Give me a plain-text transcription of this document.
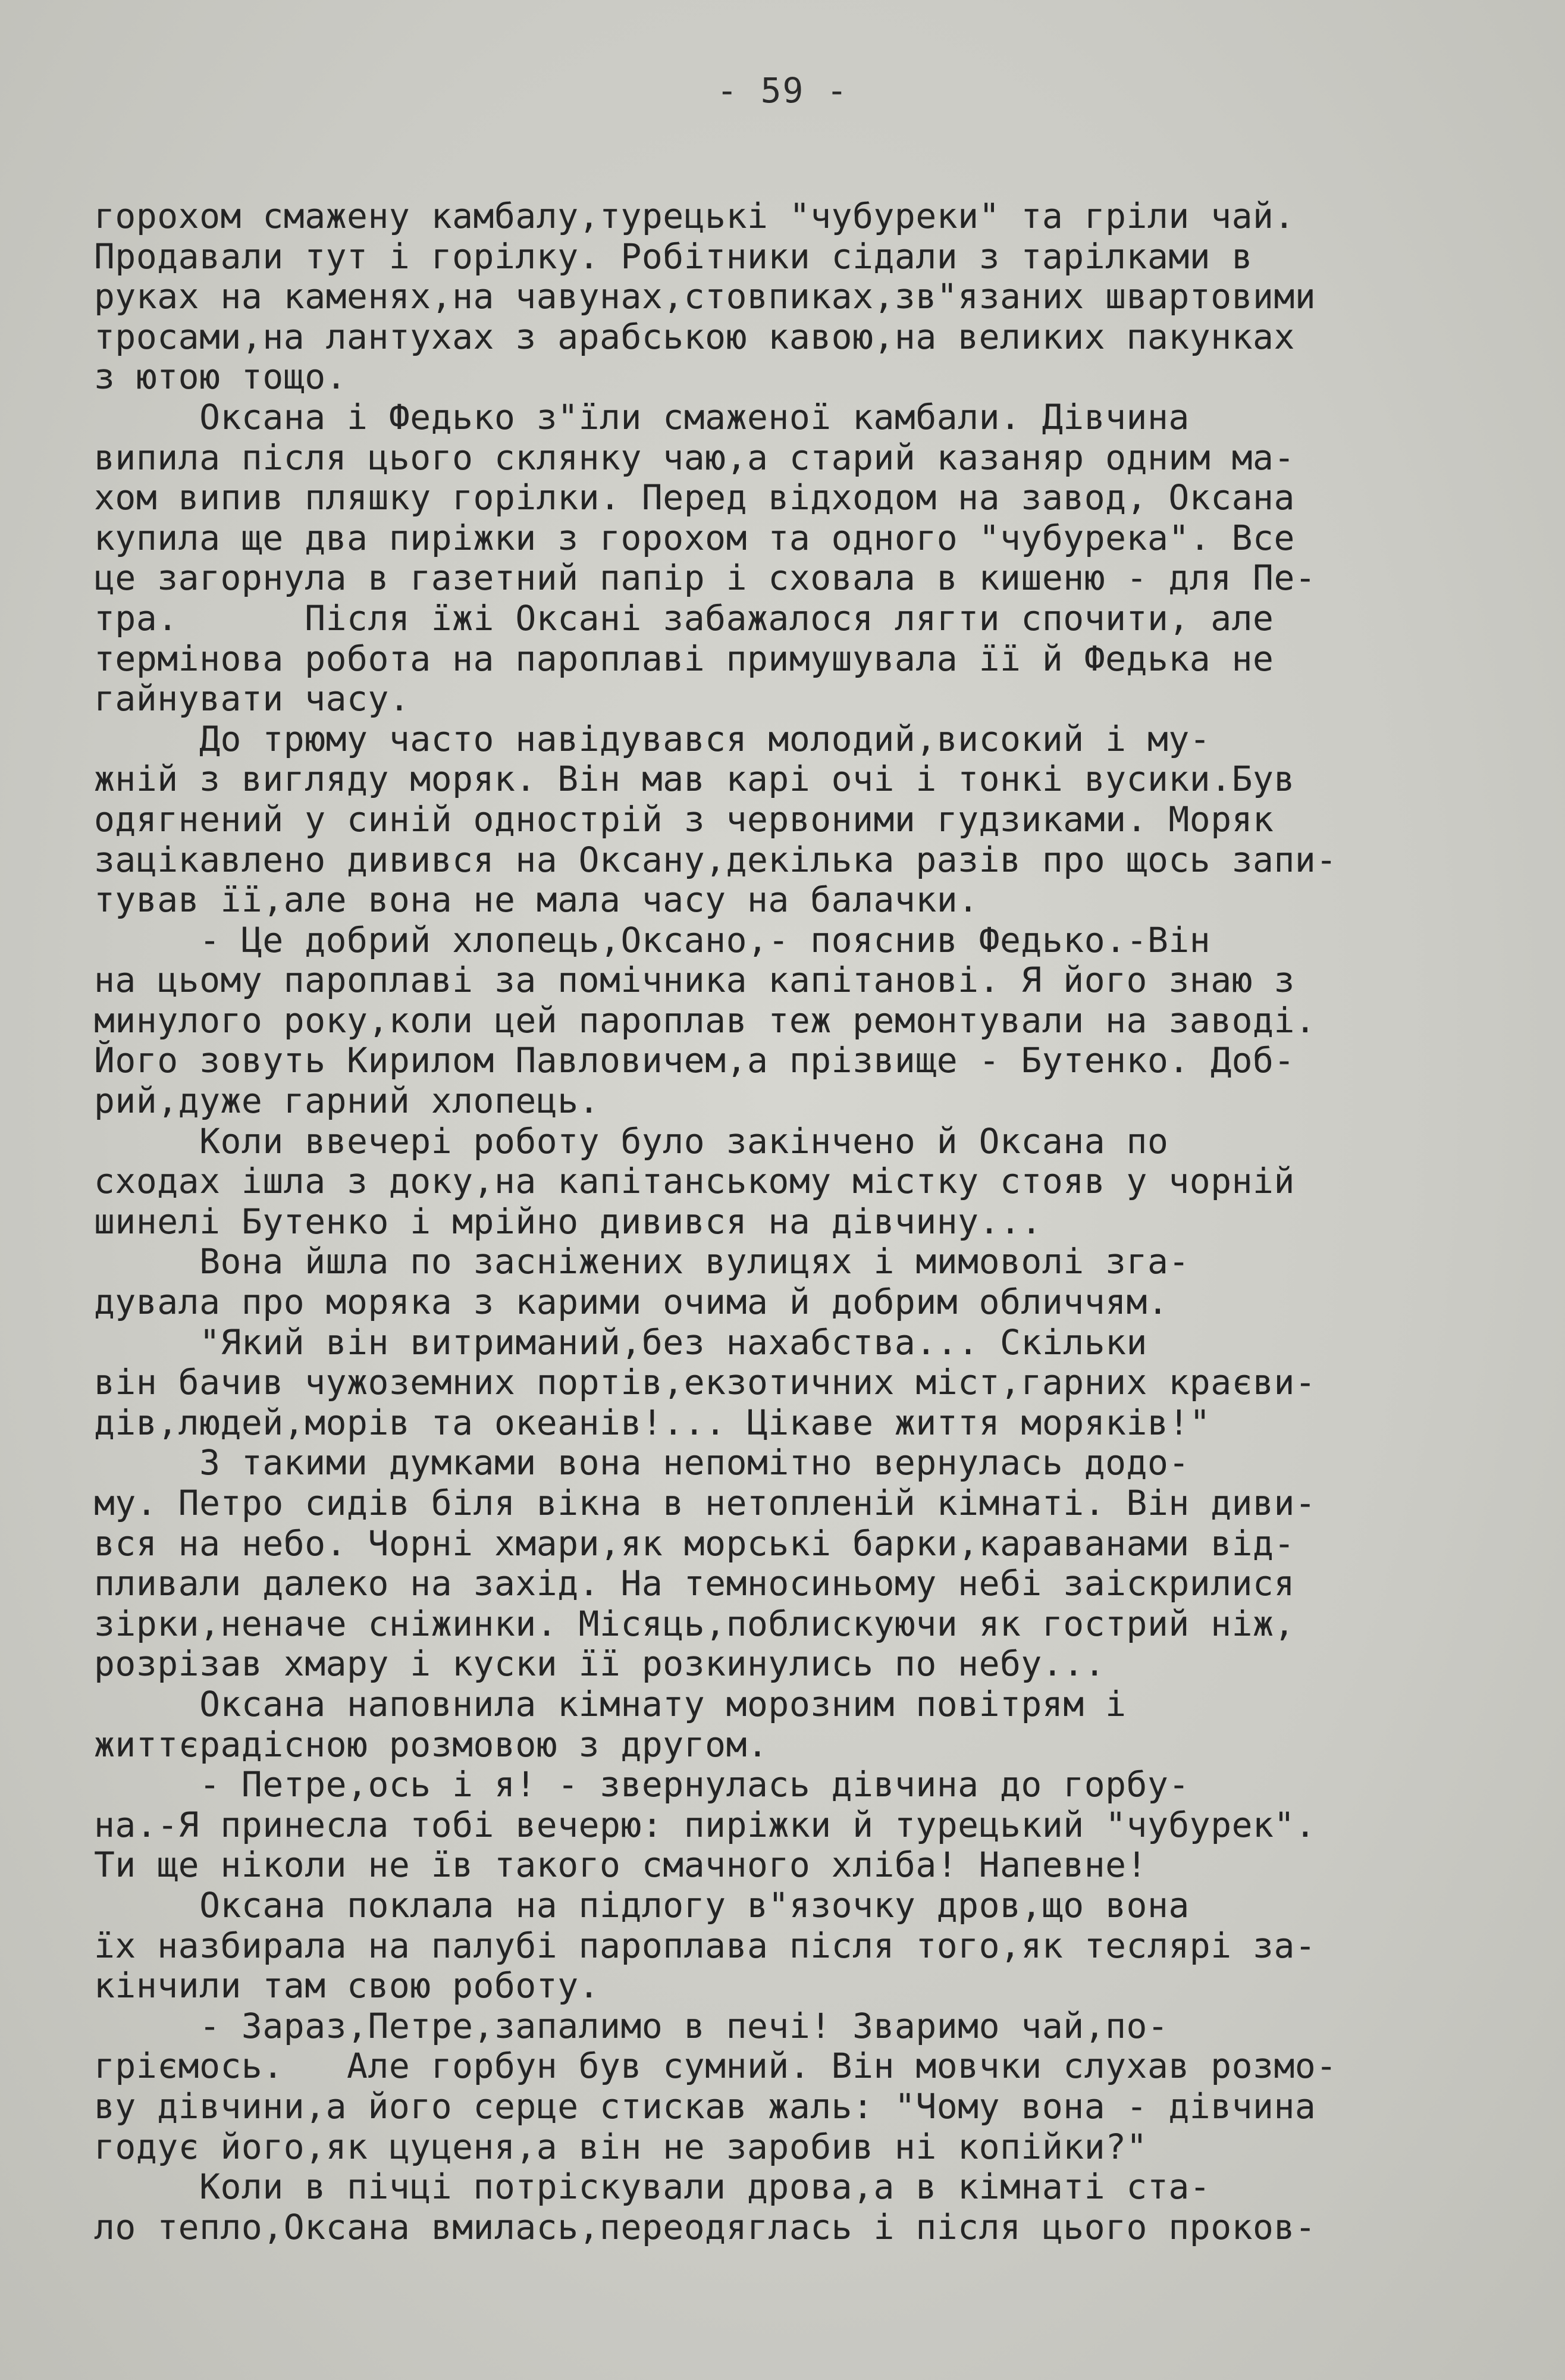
- 59 -
горохом смажену камбалу,турецькі "чубуреки" та гріли чай.
Продавали тут і горілку. Робітники сідали з тарілками в
руках на каменях,на чавунах,стовпиках,зв"язаних швартовими
тросами,на лантухах з арабською кавою,на великих пакунках
з ютою тощо.
Оксана і Федько з"їли смаженої камбали. Дівчина
випила після цього склянку чаю,а старий казаняр одним ма-
хом випив пляшку горілки. Перед відходом на завод, Оксана
купила ще два пиріжки з горохом та одного "чубурека". Все
це загорнула в газетний папір і сховала в кишеню - для Пе-
тра.      Після їжі Оксані забажалося лягти спочити, але
термінова робота на пароплаві примушувала її й Федька не
гайнувати часу.
До трюму часто навідувався молодий,високий і му-
жній з вигляду моряк. Він мав карі очі і тонкі вусики.Був
одягнений у синій однострій з червоними гудзиками. Моряк
зацікавлено дивився на Оксану,декілька разів про щось запи-
тував її,але вона не мала часу на балачки.
- Це добрий хлопець,Оксано,- пояснив Федько.-Він
на цьому пароплаві за помічника капітанові. Я його знаю з
минулого року,коли цей пароплав теж ремонтували на заводі.
Його зовуть Кирилом Павловичем,а прізвище - Бутенко. Доб-
рий,дуже гарний хлопець.
Коли ввечері роботу було закінчено й Оксана по
сходах ішла з доку,на капітанському містку стояв у чорній
шинелі Бутенко і мрійно дивився на дівчину...
Вона йшла по засніжених вулицях і мимоволі зга-
дувала про моряка з карими очима й добрим обличчям.
"Який він витриманий,без нахабства... Скільки
він бачив чужоземних портів,екзотичних міст,гарних краєви-
дів,людей,морів та океанів!... Цікаве життя моряків!"
З такими думками вона непомітно вернулась додо-
му. Петро сидів біля вікна в нетопленій кімнаті. Він диви-
вся на небо. Чорні хмари,як морські барки,караванами від-
пливали далеко на захід. На темносиньому небі заіскрилися
зірки,неначе сніжинки. Місяць,поблискуючи як гострий ніж,
розрізав хмару і куски її розкинулись по небу...
Оксана наповнила кімнату морозним повітрям і
життєрадісною розмовою з другом.
- Петре,ось і я! - звернулась дівчина до горбу-
на.-Я принесла тобі вечерю: пиріжки й турецький "чубурек".
Ти ще ніколи не їв такого смачного хліба! Напевне!
Оксана поклала на підлогу в"язочку дров,що вона
їх назбирала на палубі пароплава після того,як теслярі за-
кінчили там свою роботу.
- Зараз,Петре,запалимо в печі! Зваримо чай,по-
гріємось.   Але горбун був сумний. Він мовчки слухав розмо-
ву дівчини,а його серце стискав жаль: "Чому вона - дівчина
годує його,як цуценя,а він не заробив ні копійки?"
Коли в пічці потріскували дрова,а в кімнаті ста-
ло тепло,Оксана вмилась,переодяглась і після цього проков-
